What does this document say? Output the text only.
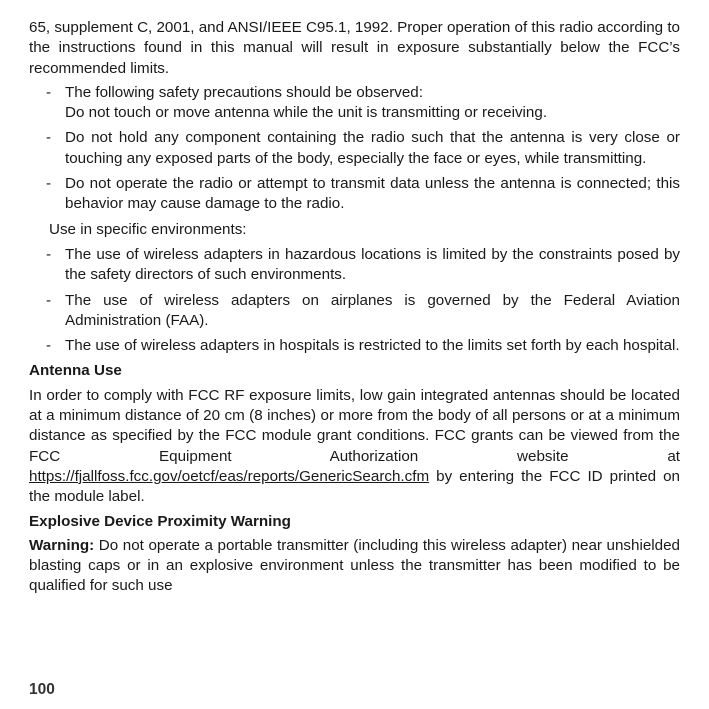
65, supplement C, 2001, and ANSI/IEEE C95.1, 1992. Proper operation of this radio according to the instructions found in this manual will result in exposure substantially below the FCC’s recommended limits.

- The following safety precautions should be observed:
Do not touch or move antenna while the unit is transmitting or receiving.
- Do not hold any component containing the radio such that the antenna is very close or touching any exposed parts of the body, especially the face or eyes, while transmitting.
- Do not operate the radio or attempt to transmit data unless the antenna is connected; this behavior may cause damage to the radio.

Use in specific environments:

- The use of wireless adapters in hazardous locations is limited by the constraints posed by the safety directors of such environments.
- The use of wireless adapters on airplanes is governed by the Federal Aviation Administration (FAA).
- The use of wireless adapters in hospitals is restricted to the limits set forth by each hospital.

Antenna Use

In order to comply with FCC RF exposure limits, low gain integrated antennas should be located at a minimum distance of 20 cm (8 inches) or more from the body of all persons or at a minimum distance as specified by the FCC module grant conditions. FCC grants can be viewed from the FCC Equipment Authorization website at https://fjallfoss.fcc.gov/oetcf/eas/reports/GenericSearch.cfm by entering the FCC ID printed on the module label.

Explosive Device Proximity Warning

Warning: Do not operate a portable transmitter (including this wireless adapter) near unshielded blasting caps or in an explosive environment unless the transmitter has been modified to be qualified for such use

100
